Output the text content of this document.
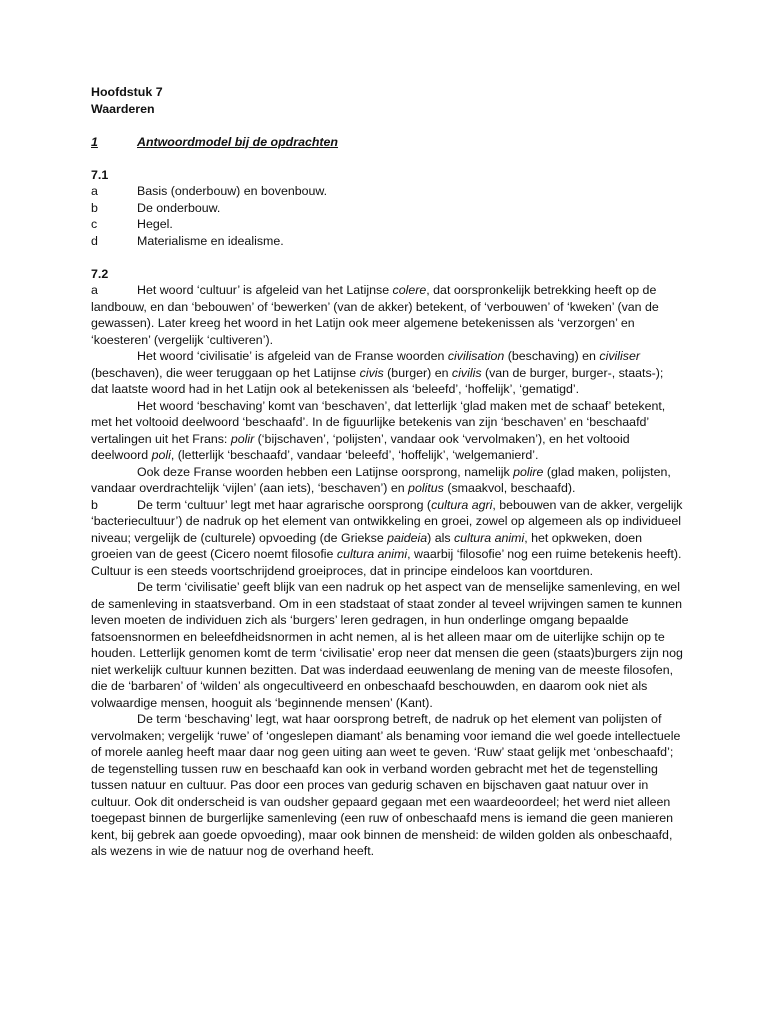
Hoofdstuk 7
Waarderen
1	Antwoordmodel bij de opdrachten
7.1
a	Basis (onderbouw) en bovenbouw.
b	De onderbouw.
c	Hegel.
d	Materialisme en idealisme.
7.2

a	Het woord ‘cultuur’ is afgeleid van het Latijnse colere, dat oorspronkelijk betrekking heeft op de landbouw, en dan ‘bebouwen’ of ‘bewerken’ (van de akker) betekent, of ‘verbouwen’ of ‘kweken’ (van de gewassen). Later kreeg het woord in het Latijn ook meer algemene betekenissen als ‘verzorgen’ en ‘koesteren’ (vergelijk ‘cultiveren’).

Het woord ‘civilisatie’ is afgeleid van de Franse woorden civilisation (beschaving) en civiliser (beschaven), die weer teruggaan op het Latijnse civis (burger) en civilis (van de burger, burger-, staats-); dat laatste woord had in het Latijn ook al betekenissen als ‘beleefd’, ‘hoffelijk’, ‘gematigd’.

Het woord ‘beschaving’ komt van ‘beschaven’, dat letterlijk ‘glad maken met de schaaf’ betekent, met het voltooid deelwoord ‘beschaafd’. In de figuurlijke betekenis van zijn ‘beschaven’ en ‘beschaafd’ vertalingen uit het Frans: polir (‘bijschaven’, ‘polijsten’, vandaar ook ‘vervolmaken’), en het voltooid deelwoord poli, (letterlijk ‘beschaafd’, vandaar ‘beleefd’, ‘hoffelijk’, ‘welgemanierd’.

Ook deze Franse woorden hebben een Latijnse oorsprong, namelijk polire (glad maken, polijsten, vandaar overdrachtelijk ‘vijlen’ (aan iets), ‘beschaven’) en politus (smaakvol, beschaafd).

b	De term ‘cultuur’ legt met haar agrarische oorsprong (cultura agri, bebouwen van de akker, vergelijk ‘bacteriecultuur’) de nadruk op het element van ontwikkeling en groei, zowel op algemeen als op individueel niveau; vergelijk de (culturele) opvoeding (de Griekse paideia) als cultura animi, het opkweken, doen groeien van de geest (Cicero noemt filosofie cultura animi, waarbij ‘filosofie’ nog een ruime betekenis heeft). Cultuur is een steeds voortschrijdend groeiproces, dat in principe eindeloos kan voortduren.

De term ‘civilisatie’ geeft blijk van een nadruk op het aspect van de menselijke samenleving, en wel de samenleving in staatsverband. Om in een stadstaat of staat zonder al teveel wrijvingen samen te kunnen leven moeten de individuen zich als ‘burgers’ leren gedragen, in hun onderlinge omgang bepaalde fatsoensnormen en beleefdheidsnormen in acht nemen, al is het alleen maar om de uiterlijke schijn op te houden. Letterlijk genomen komt de term ‘civilisatie’ erop neer dat mensen die geen (staats)burgers zijn nog niet werkelijk cultuur kunnen bezitten. Dat was inderdaad eeuwenlang de mening van de meeste filosofen, die de ‘barbaren’ of ‘wilden’ als ongecultiveerd en onbeschaafd beschouwden, en daarom ook niet als volwaardige mensen, hooguit als ‘beginnende mensen’ (Kant).

De term ‘beschaving’ legt, wat haar oorsprong betreft, de nadruk op het element van polijsten of vervolmaken; vergelijk ‘ruwe’ of ‘ongeslepen diamant’ als benaming voor iemand die wel goede intellectuele of morele aanleg heeft maar daar nog geen uiting aan weet te geven. ‘Ruw’ staat gelijk met ‘onbeschaafd’; de tegenstelling tussen ruw en beschaafd kan ook in verband worden gebracht met het de tegenstelling tussen natuur en cultuur. Pas door een proces van gedurig schaven en bijschaven gaat natuur over in cultuur. Ook dit onderscheid is van oudsher gepaard gegaan met een waardeoordeel; het werd niet alleen toegepast binnen de burgerlijke samenleving (een ruw of onbeschaafd mens is iemand die geen manieren kent, bij gebrek aan goede opvoeding), maar ook binnen de mensheid: de wilden golden als onbeschaafd, als wezens in wie de natuur nog de overhand heeft.
